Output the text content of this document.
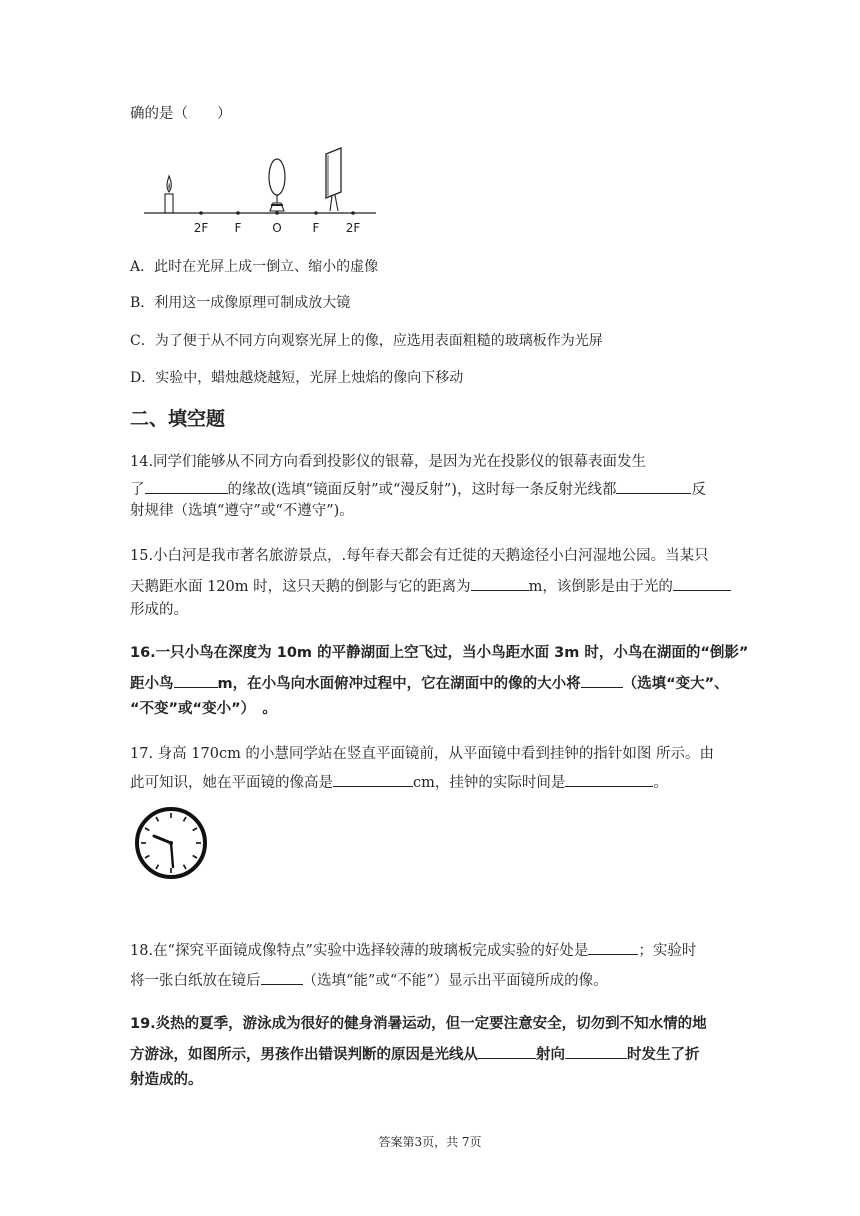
确的是（　　）
2F F	O	F 2F
A．此时在光屏上成一倒立、缩小的虚像
B．利用这一成像原理可制成放大镜
C．为了便于从不同方向观察光屏上的像，应选用表面粗糙的玻璃板作为光屏
D．实验中，蜡烛越烧越短，光屏上烛焰的像向下移动
二、填空题
14.同学们能够从不同方向看到投影仪的银幕，是因为光在投影仪的银幕表面发生
了	的缘故(选填“镜面反射”或“漫反射”)，这时每一条反射光线都	反
射规律（选填“遵守”或“不遵守”)。
15.小白河是我市著名旅游景点，.每年春天都会有迁徙的天鹅途径小白河湿地公园。当某只
天鹅距水面 120m 时，这只天鹅的倒影与它的距离为	m，该倒影是由于光的
形成的。
16.一只小鸟在深度为 10m 的平静湖面上空飞过，当小鸟距水面 3m 时，小鸟在湖面的“倒影”
距小鸟	m，在小鸟向水面俯冲过程中，它在湖面中的像的大小将	（选填“变大”、
“不变”或“变小”）　。
17. 身高 170cm 的小慧同学站在竖直平面镜前，从平面镜中看到挂钟的指针如图 所示。由
此可知识，她在平面镜的像高是	cm，挂钟的实际时间是	。
18.在“探究平面镜成像特点”实验中选择较薄的玻璃板完成实验的好处是	；实验时
将一张白纸放在镜后	（选填“能”或“不能”）显示出平面镜所成的像。
19.炎热的夏季，游泳成为很好的健身消暑运动，但一定要注意安全，切勿到不知水情的地
方游泳，如图所示，男孩作出错误判断的原因是光线从	射向	时发生了折
射造成的。
答案第3页，共 7页
